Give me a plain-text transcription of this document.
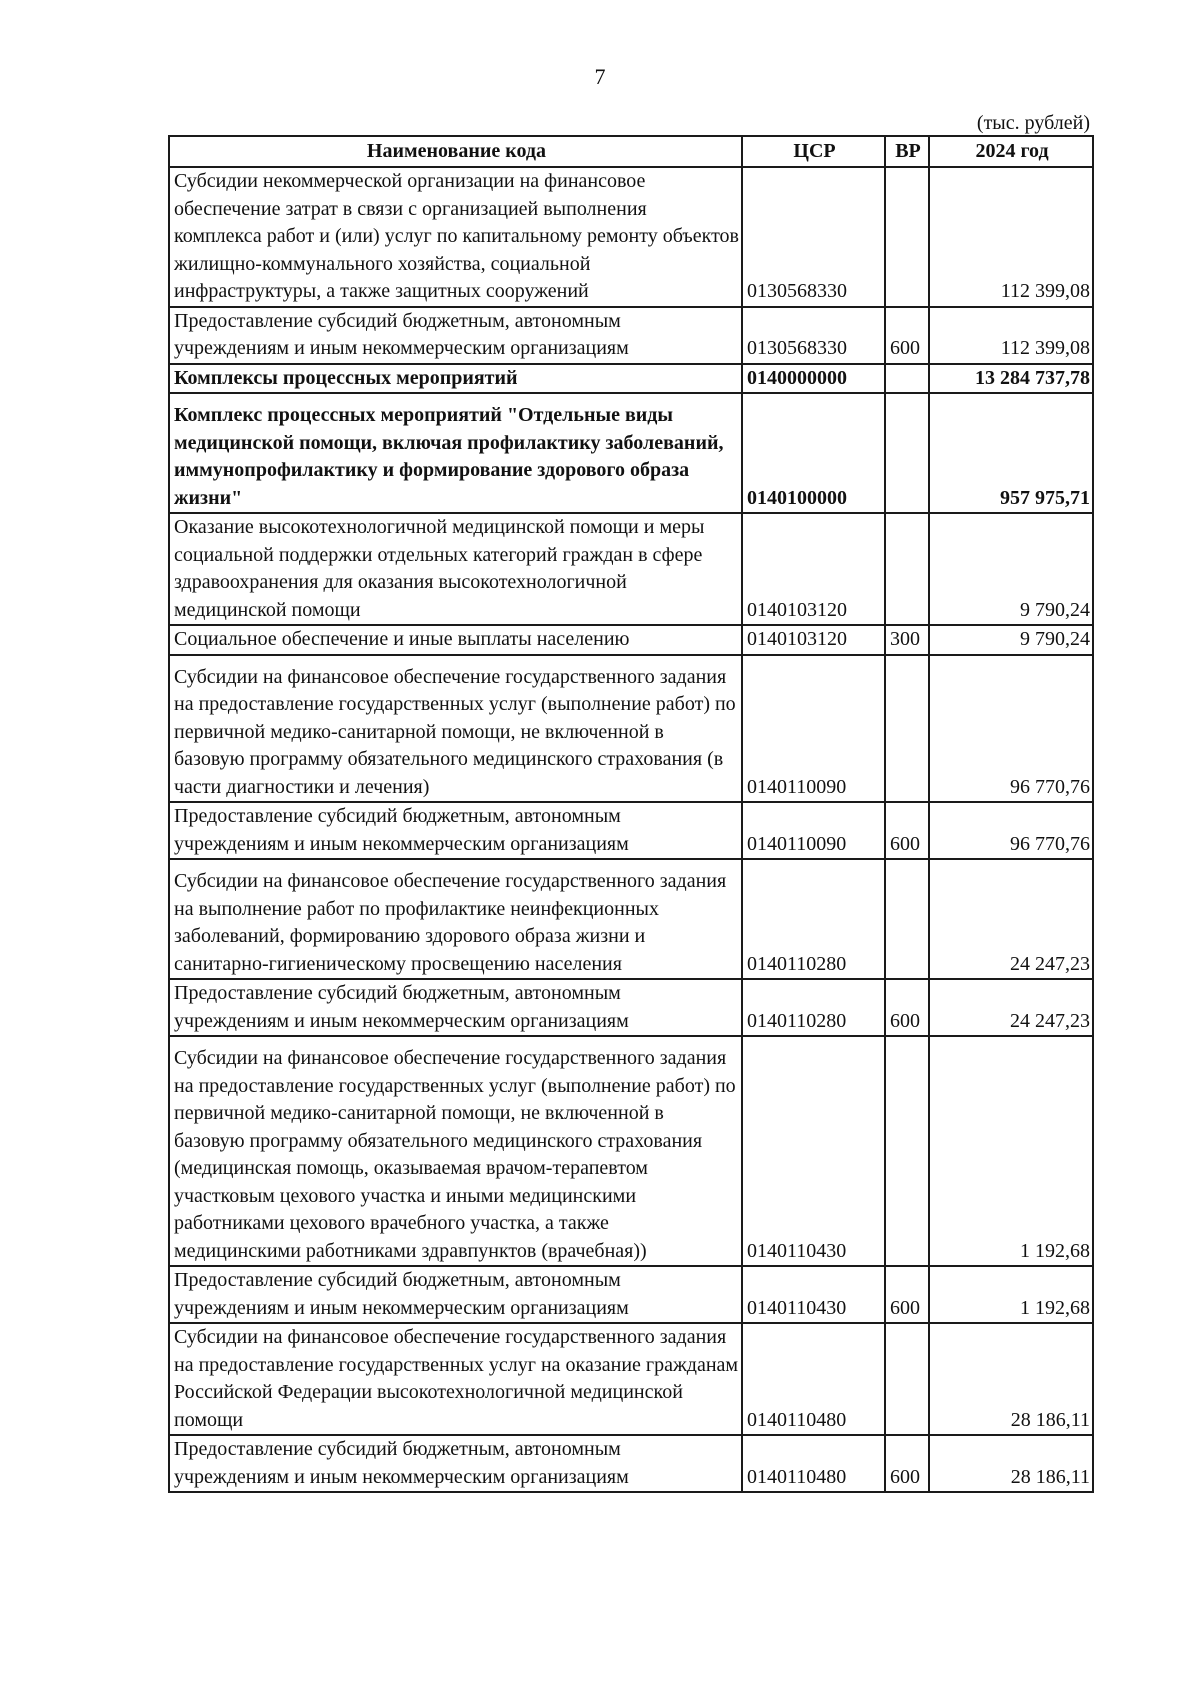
7
(тыс. рублей)
Наименование кода	ЦСР	ВР	2024 год
Субсидии некоммерческой организации на финансовое обеспечение затрат в связи с организацией выполнения комплекса работ и (или) услуг по капитальному ремонту объектов жилищно-коммунального хозяйства, социальной инфраструктуры, а также защитных сооружений	0130568330		112 399,08
Предоставление субсидий бюджетным, автономным учреждениям и иным некоммерческим организациям	0130568330	600	112 399,08
Комплексы процессных мероприятий	0140000000		13 284 737,78
Комплекс процессных мероприятий "Отдельные виды медицинской помощи, включая профилактику заболеваний, иммунопрофилактику и формирование здорового образа жизни"	0140100000		957 975,71
Оказание высокотехнологичной медицинской помощи и меры социальной поддержки отдельных категорий граждан в сфере здравоохранения для оказания высокотехнологичной медицинской помощи	0140103120		9 790,24
Социальное обеспечение и иные выплаты населению	0140103120	300	9 790,24
Субсидии на финансовое обеспечение государственного задания на предоставление государственных услуг (выполнение работ) по первичной медико-санитарной помощи, не включенной в базовую программу обязательного медицинского страхования (в части диагностики и лечения)	0140110090		96 770,76
Предоставление субсидий бюджетным, автономным учреждениям и иным некоммерческим организациям	0140110090	600	96 770,76
Субсидии на финансовое обеспечение государственного задания на выполнение работ по профилактике неинфекционных заболеваний, формированию здорового образа жизни и санитарно-гигиеническому просвещению населения	0140110280		24 247,23
Предоставление субсидий бюджетным, автономным учреждениям и иным некоммерческим организациям	0140110280	600	24 247,23
Субсидии на финансовое обеспечение государственного задания на предоставление государственных услуг (выполнение работ) по первичной медико-санитарной помощи, не включенной в базовую программу обязательного медицинского страхования (медицинская помощь, оказываемая врачом-терапевтом участковым цехового участка и иными медицинскими работниками цехового врачебного участка, а также медицинскими работниками здравпунктов (врачебная))	0140110430		1 192,68
Предоставление субсидий бюджетным, автономным учреждениям и иным некоммерческим организациям	0140110430	600	1 192,68
Субсидии на финансовое обеспечение государственного задания на предоставление государственных услуг на оказание гражданам Российской Федерации высокотехнологичной медицинской помощи	0140110480		28 186,11
Предоставление субсидий бюджетным, автономным учреждениям и иным некоммерческим организациям	0140110480	600	28 186,11
